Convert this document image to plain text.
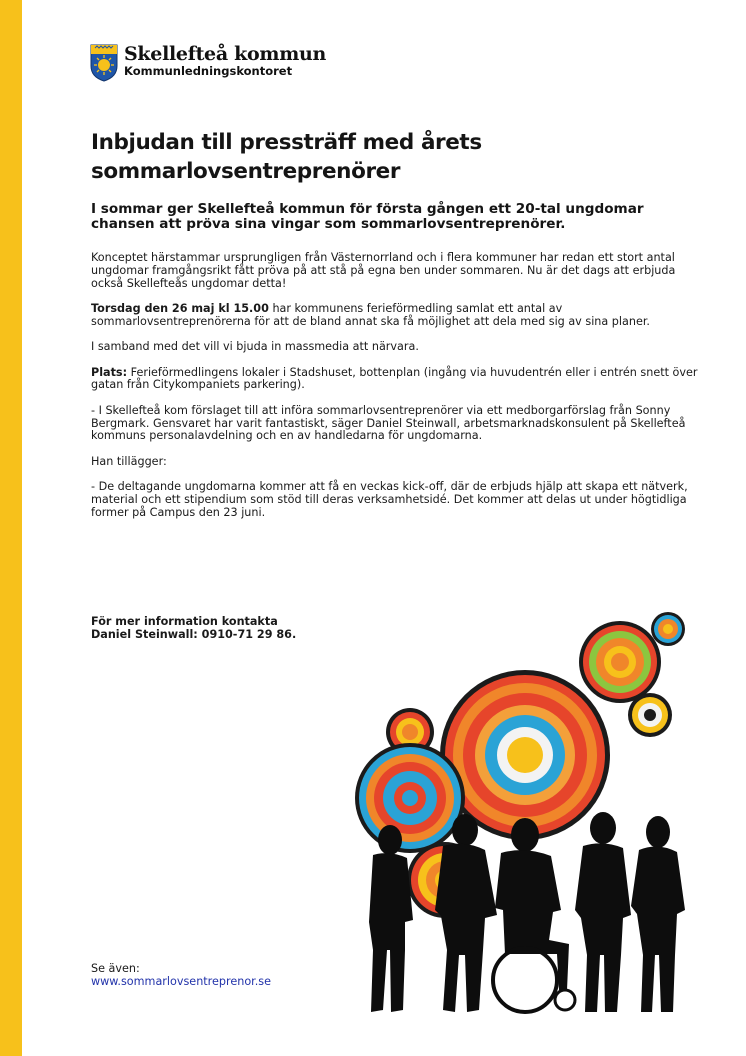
Skellefteå kommun
Kommunledningskontoret
Inbjudan till pressträff med årets sommarlovsentreprenörer

I sommar ger Skellefteå kommun för första gången ett 20-tal ungdomar chansen att pröva sina vingar som sommarlovsentreprenörer.

Konceptet härstammar ursprungligen från Västernorrland och i flera kommuner har redan ett stort antal ungdomar framgångsrikt fått pröva på att stå på egna ben under sommaren. Nu är det dags att erbjuda också Skellefteås ungdomar detta!

Torsdag den 26 maj kl 15.00 har kommunens ferieförmedling samlat ett antal av sommarlovsentreprenörerna för att de bland annat ska få möjlighet att dela med sig av sina planer.

I samband med det vill vi bjuda in massmedia att närvara.

Plats: Ferieförmedlingens lokaler i Stadshuset, bottenplan (ingång via huvudentrén eller i entrén snett över gatan från Citykompaniets parkering).

- I Skellefteå kom förslaget till att införa sommarlovsentreprenörer via ett medborgarförslag från Sonny Bergmark. Gensvaret har varit fantastiskt, säger Daniel Steinwall, arbetsmarknadskonsulent på Skellefteå kommuns personalavdelning och en av handledarna för ungdomarna.

Han tillägger:

- De deltagande ungdomarna kommer att få en veckas kick-off, där de erbjuds hjälp att skapa ett nätverk, material och ett stipendium som stöd till deras verksamhetsidé. Det kommer att delas ut under högtidliga former på Campus den 23 juni.

För mer information kontakta
Daniel Steinwall: 0910-71 29 86.
Se även:
www.sommarlovsentreprenor.se
